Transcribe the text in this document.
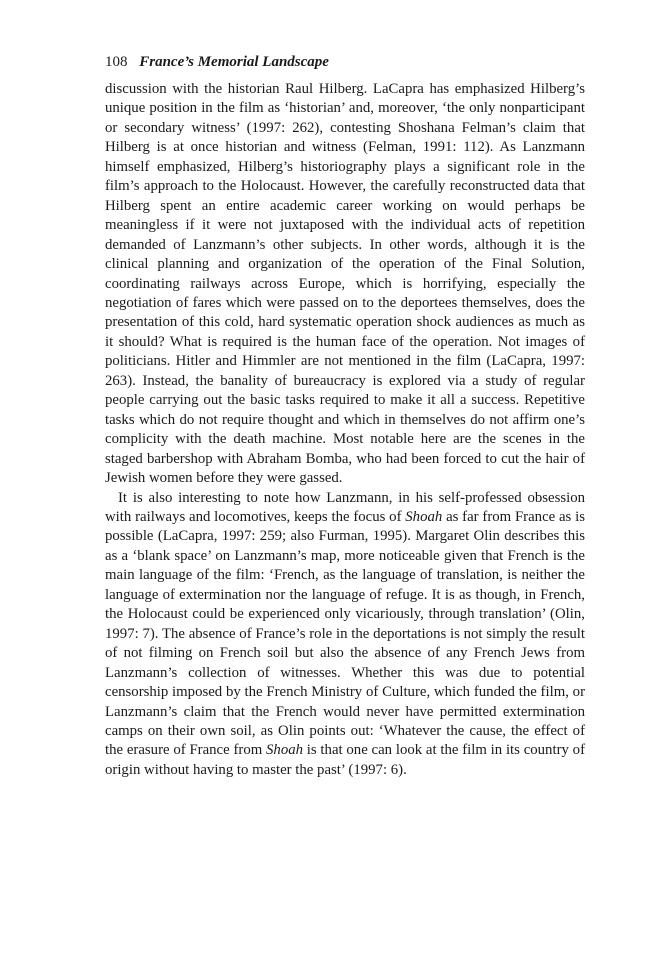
108 France’s Memorial Landscape

discussion with the historian Raul Hilberg. LaCapra has emphasized Hilberg’s unique position in the film as ‘historian’ and, moreover, ‘the only nonparticipant or secondary witness’ (1997: 262), contesting Shoshana Felman’s claim that Hilberg is at once historian and witness (Felman, 1991: 112). As Lanzmann himself emphasized, Hilberg’s historiography plays a significant role in the film’s approach to the Holocaust. However, the carefully reconstructed data that Hilberg spent an entire academic career working on would perhaps be meaningless if it were not juxtaposed with the individual acts of repetition demanded of Lanzmann’s other subjects. In other words, although it is the clinical planning and organization of the operation of the Final Solution, coordinating railways across Europe, which is horrifying, especially the negotiation of fares which were passed on to the deportees themselves, does the presentation of this cold, hard systematic operation shock audiences as much as it should? What is required is the human face of the operation. Not images of politicians. Hitler and Himmler are not mentioned in the film (LaCapra, 1997: 263). Instead, the banality of bureaucracy is explored via a study of regular people carrying out the basic tasks required to make it all a success. Repetitive tasks which do not require thought and which in themselves do not affirm one’s complicity with the death machine. Most notable here are the scenes in the staged barbershop with Abraham Bomba, who had been forced to cut the hair of Jewish women before they were gassed.

It is also interesting to note how Lanzmann, in his self-professed obsession with railways and locomotives, keeps the focus of Shoah as far from France as is possible (LaCapra, 1997: 259; also Furman, 1995). Margaret Olin describes this as a ‘blank space’ on Lanzmann’s map, more noticeable given that French is the main language of the film: ‘French, as the language of translation, is neither the language of extermination nor the language of refuge. It is as though, in French, the Holocaust could be experienced only vicariously, through translation’ (Olin, 1997: 7). The absence of France’s role in the deportations is not simply the result of not filming on French soil but also the absence of any French Jews from Lanzmann’s collection of witnesses. Whether this was due to potential censorship imposed by the French Ministry of Culture, which funded the film, or Lanzmann’s claim that the French would never have permitted extermination camps on their own soil, as Olin points out: ‘Whatever the cause, the effect of the erasure of France from Shoah is that one can look at the film in its country of origin without having to master the past’ (1997: 6).
